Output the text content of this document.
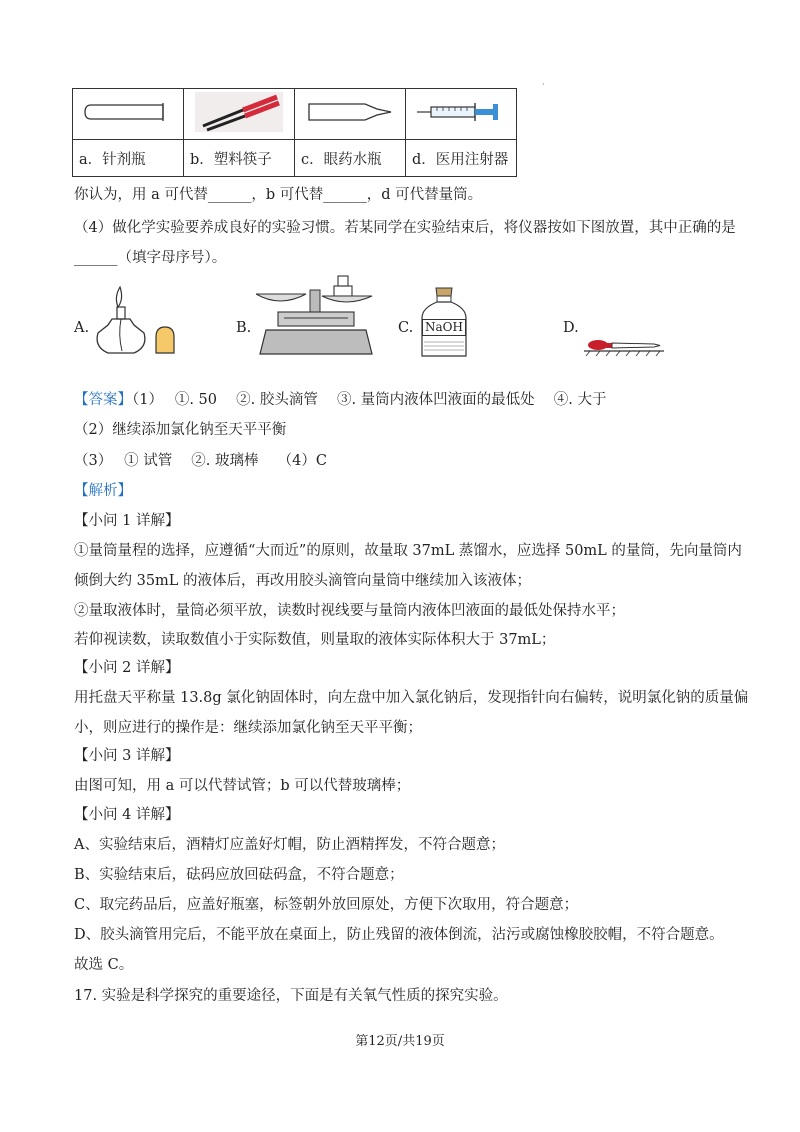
·

a．针剂瓶	b．塑料筷子	c．眼药水瓶	d．医用注射器
你认为，用 a 可代替______，b 可代替______，d 可代替量筒。
（4）做化学实验要养成良好的实验习惯。若某同学在实验结束后，将仪器按如下图放置，其中正确的是
______（填字母序号）。
A.	B.	C. NaOH	D.
【答案】（1）　 ①. 50　 ②. 胶头滴管　 ③. 量筒内液体凹液面的最低处　 ④. 大于
（2）继续添加氯化钠至天平平衡
（3）　 ① 试管　 ②. 玻璃棒　 （4）C
【解析】
【小问 1 详解】
①量筒量程的选择，应遵循“大而近”的原则，故量取 37mL 蒸馏水，应选择 50mL 的量筒，先向量筒内
倾倒大约 35mL 的液体后，再改用胶头滴管向量筒中继续加入该液体；
②量取液体时，量筒必须平放，读数时视线要与量筒内液体凹液面的最低处保持水平；
若仰视读数，读取数值小于实际数值，则量取的液体实际体积大于 37mL；
【小问 2 详解】
用托盘天平称量 13.8g 氯化钠固体时，向左盘中加入氯化钠后，发现指针向右偏转，说明氯化钠的质量偏
小，则应进行的操作是：继续添加氯化钠至天平平衡；
【小问 3 详解】
由图可知，用 a 可以代替试管；b 可以代替玻璃棒；
【小问 4 详解】
A、实验结束后，酒精灯应盖好灯帽，防止酒精挥发，不符合题意；
B、实验结束后，砝码应放回砝码盒，不符合题意；
C、取完药品后，应盖好瓶塞，标签朝外放回原处，方便下次取用，符合题意；
D、胶头滴管用完后，不能平放在桌面上，防止残留的液体倒流，沾污或腐蚀橡胶胶帽，不符合题意。
故选 C。
17. 实验是科学探究的重要途径，下面是有关氧气性质的探究实验。
第12页/共19页
